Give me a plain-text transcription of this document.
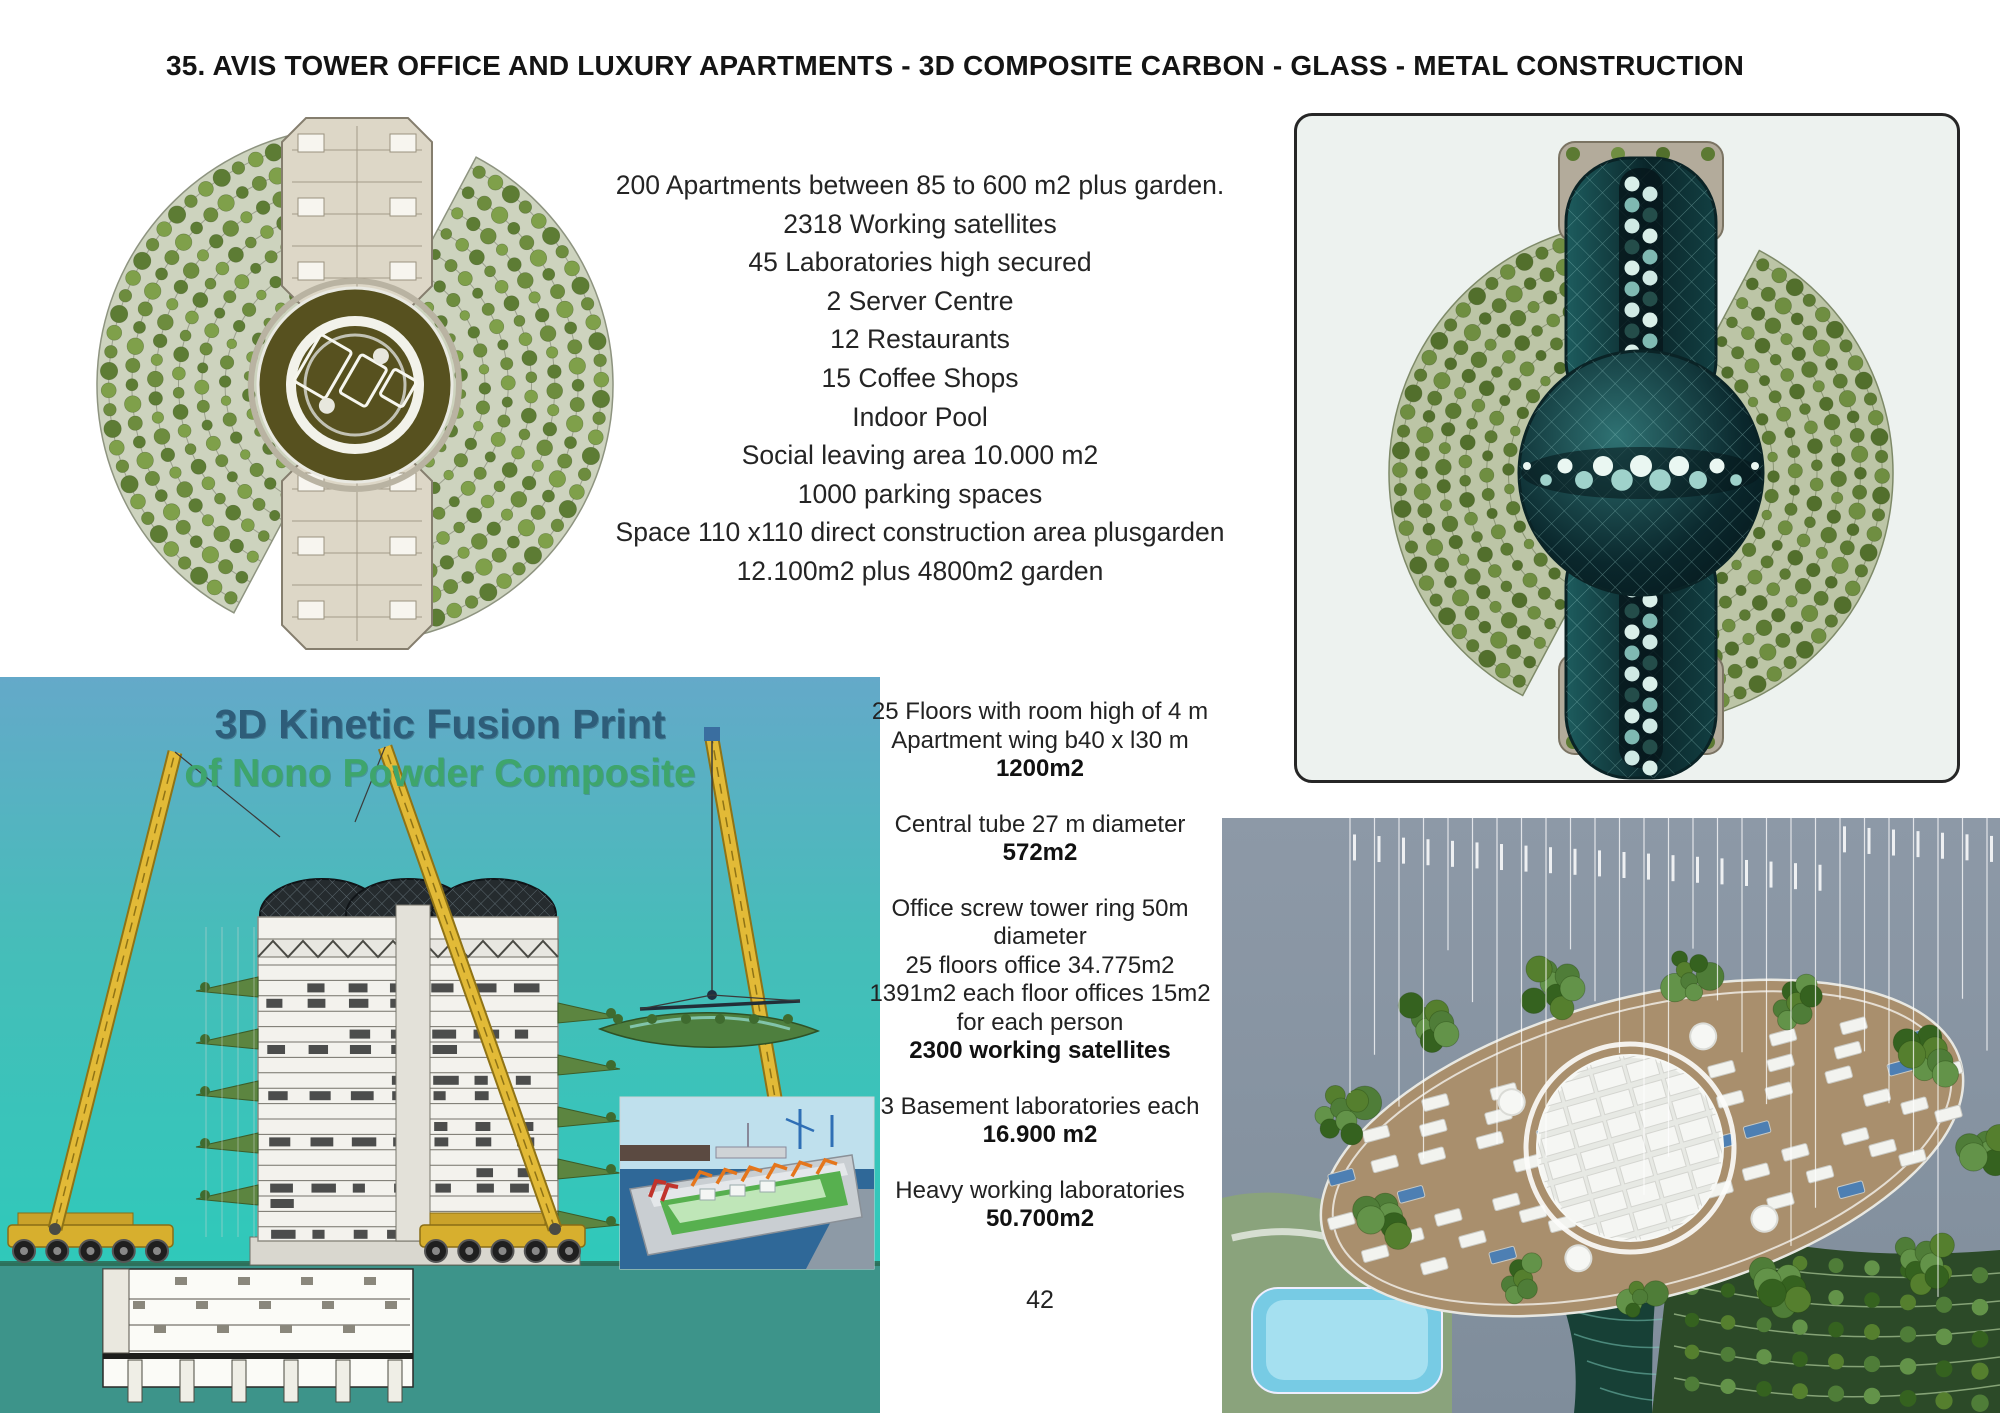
35. AVIS TOWER OFFICE AND LUXURY APARTMENTS - 3D COMPOSITE CARBON - GLASS - METAL CONSTRUCTION
200 Apartments between 85 to 600 m2 plus garden.
2318 Working satellites
45 Laboratories high secured
2 Server Centre
12 Restaurants
15 Coffee Shops
Indoor Pool
Social leaving area 10.000 m2
1000 parking spaces
Space 110 x110 direct construction area plusgarden
12.100m2 plus 4800m2 garden
3D Kinetic Fusion Print
of Nono Powder Composite
25 Floors with room high of 4 m
Apartment wing b40 x l30 m
1200m2
Central tube 27 m diameter
572m2
Office screw tower ring 50m
diameter
25 floors office 34.775m2
1391m2 each floor offices 15m2
for each person
2300 working satellites
3 Basement laboratories each
16.900 m2
Heavy working laboratories
50.700m2
42
